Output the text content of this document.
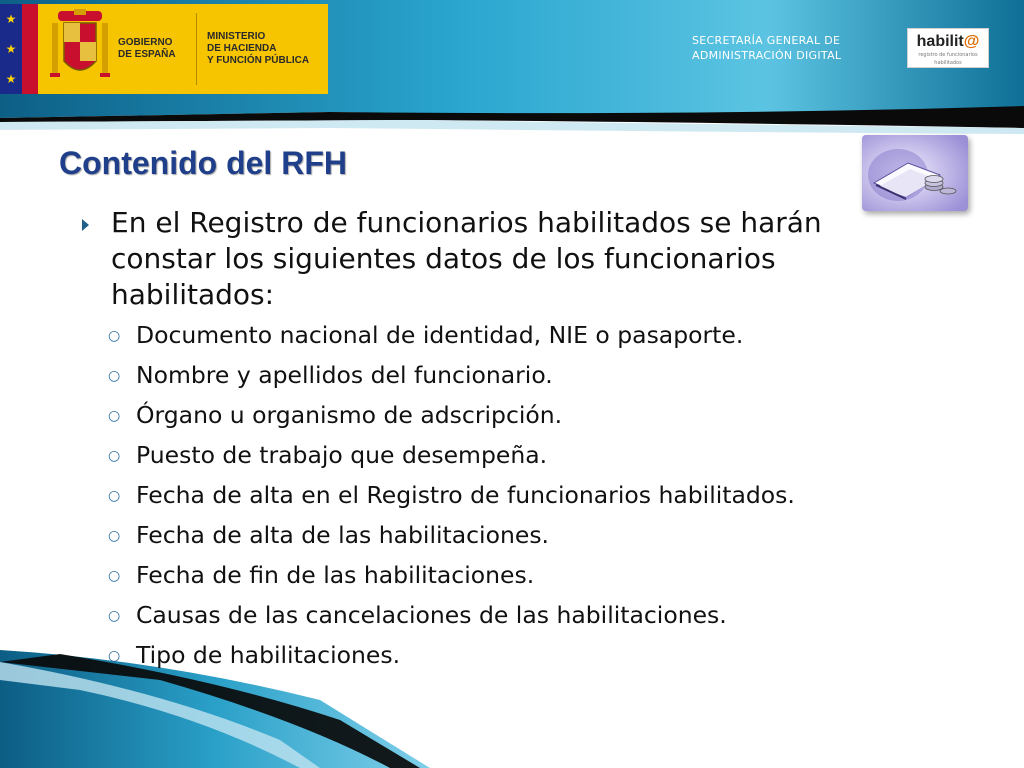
★
★
★
GOBIERNO
DE ESPAÑA
MINISTERIO
DE HACIENDA
Y FUNCIÓN PÚBLICA
SECRETARÍA GENERAL DE
ADMINISTRACIÓN DIGITAL
habilit@
registro de funcionarios habilitados
Contenido del RFH
En el Registro de funcionarios habilitados se harán constar los siguientes datos de los funcionarios habilitados:
○ Documento nacional de identidad, NIE o pasaporte.
○ Nombre y apellidos del funcionario.
○ Órgano u organismo de adscripción.
○ Puesto de trabajo que desempeña.
○ Fecha de alta en el Registro de funcionarios habilitados.
○ Fecha de alta de las habilitaciones.
○ Fecha de fin de las habilitaciones.
○ Causas de las cancelaciones de las habilitaciones.
○ Tipo de habilitaciones.
